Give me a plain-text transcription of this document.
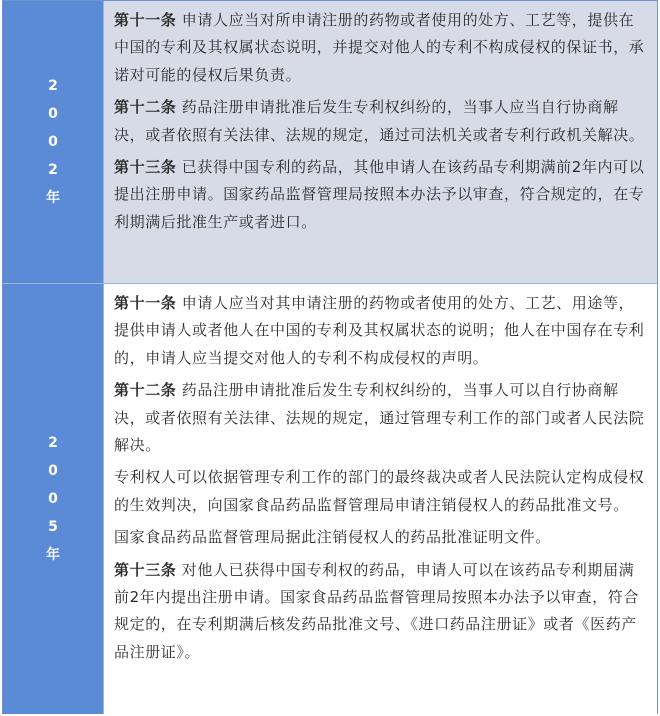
2
0
0
2
年

第十一条 申请人应当对所申请注册的药物或者使用的处方、工艺等，提供在中国的专利及其权属状态说明，并提交对他人的专利不构成侵权的保证书，承诺对可能的侵权后果负责。

第十二条 药品注册申请批准后发生专利权纠纷的，当事人应当自行协商解决，或者依照有关法律、法规的规定，通过司法机关或者专利行政机关解决。

第十三条 已获得中国专利的药品，其他申请人在该药品专利期满前2年内可以提出注册申请。国家药品监督管理局按照本办法予以审查，符合规定的，在专利期满后批准生产或者进口。

2
0
0
5
年

第十一条 申请人应当对其申请注册的药物或者使用的处方、工艺、用途等，提供申请人或者他人在中国的专利及其权属状态的说明；他人在中国存在专利的，申请人应当提交对他人的专利不构成侵权的声明。

第十二条 药品注册申请批准后发生专利权纠纷的，当事人可以自行协商解决，或者依照有关法律、法规的规定，通过管理专利工作的部门或者人民法院解决。

专利权人可以依据管理专利工作的部门的最终裁决或者人民法院认定构成侵权的生效判决，向国家食品药品监督管理局申请注销侵权人的药品批准文号。

国家食品药品监督管理局据此注销侵权人的药品批准证明文件。

第十三条 对他人已获得中国专利权的药品，申请人可以在该药品专利期届满前2年内提出注册申请。国家食品药品监督管理局按照本办法予以审查，符合规定的，在专利期满后核发药品批准文号、《进口药品注册证》或者《医药产品注册证》。
